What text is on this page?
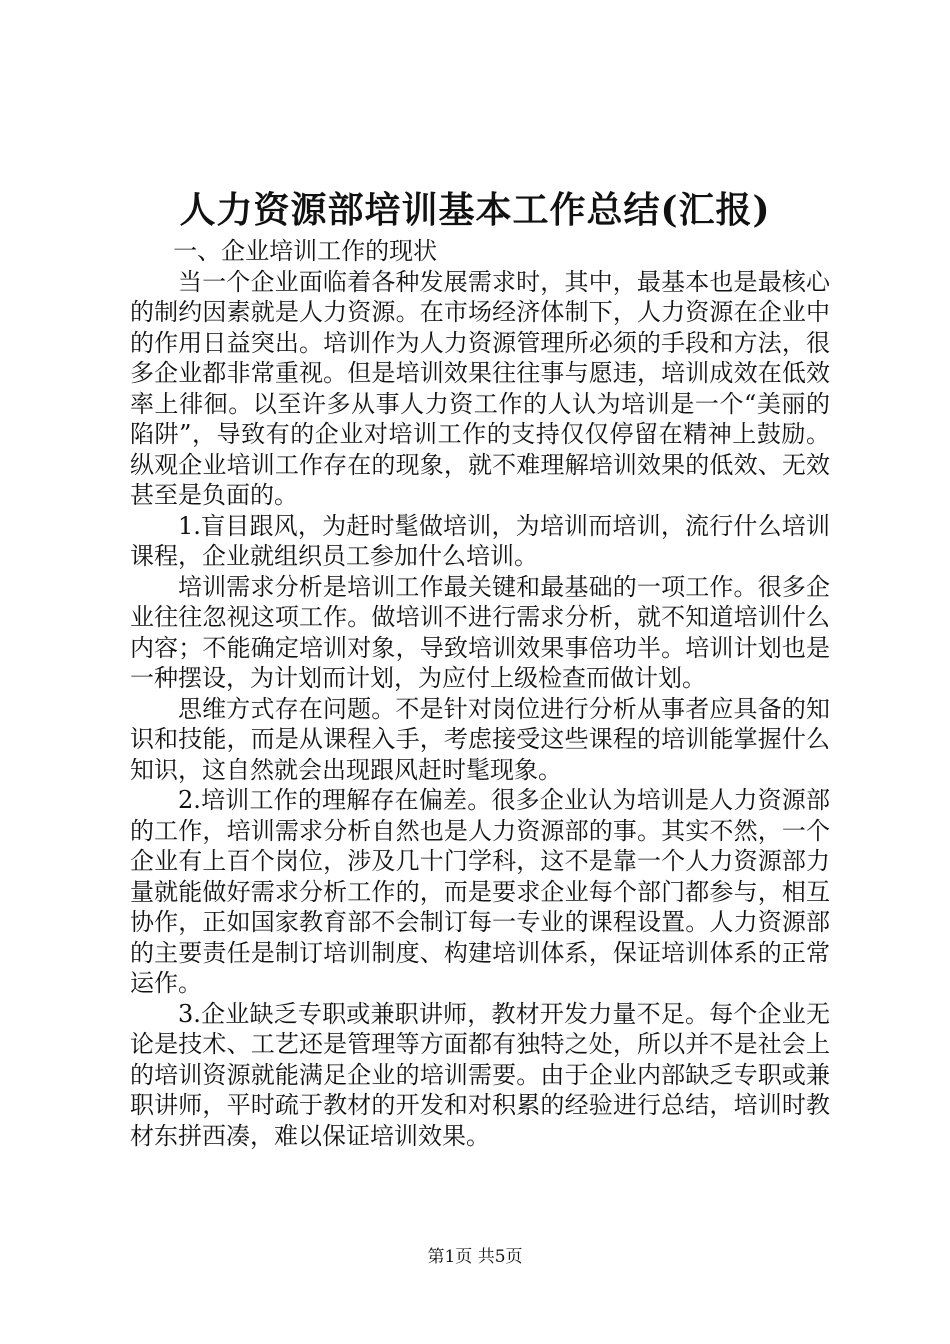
人力资源部培训基本工作总结(汇报)

一、企业培训工作的现状

当一个企业面临着各种发展需求时，其中，最基本也是最核心的制约因素就是人力资源。在市场经济体制下，人力资源在企业中的作用日益突出。培训作为人力资源管理所必须的手段和方法，很多企业都非常重视。但是培训效果往往事与愿违，培训成效在低效率上徘徊。以至许多从事人力资工作的人认为培训是一个“美丽的陷阱”，导致有的企业对培训工作的支持仅仅停留在精神上鼓励。纵观企业培训工作存在的现象，就不难理解培训效果的低效、无效甚至是负面的。

1.盲目跟风，为赶时髦做培训，为培训而培训，流行什么培训课程，企业就组织员工参加什么培训。

培训需求分析是培训工作最关键和最基础的一项工作。很多企业往往忽视这项工作。做培训不进行需求分析，就不知道培训什么内容；不能确定培训对象，导致培训效果事倍功半。培训计划也是一种摆设，为计划而计划，为应付上级检查而做计划。

思维方式存在问题。不是针对岗位进行分析从事者应具备的知识和技能，而是从课程入手，考虑接受这些课程的培训能掌握什么知识，这自然就会出现跟风赶时髦现象。

2.培训工作的理解存在偏差。很多企业认为培训是人力资源部的工作，培训需求分析自然也是人力资源部的事。其实不然，一个企业有上百个岗位，涉及几十门学科，这不是靠一个人力资源部力量就能做好需求分析工作的，而是要求企业每个部门都参与，相互协作，正如国家教育部不会制订每一专业的课程设置。人力资源部的主要责任是制订培训制度、构建培训体系，保证培训体系的正常运作。

3.企业缺乏专职或兼职讲师，教材开发力量不足。每个企业无论是技术、工艺还是管理等方面都有独特之处，所以并不是社会上的培训资源就能满足企业的培训需要。由于企业内部缺乏专职或兼职讲师，平时疏于教材的开发和对积累的经验进行总结，培训时教材东拼西凑，难以保证培训效果。

第1页 共5页
